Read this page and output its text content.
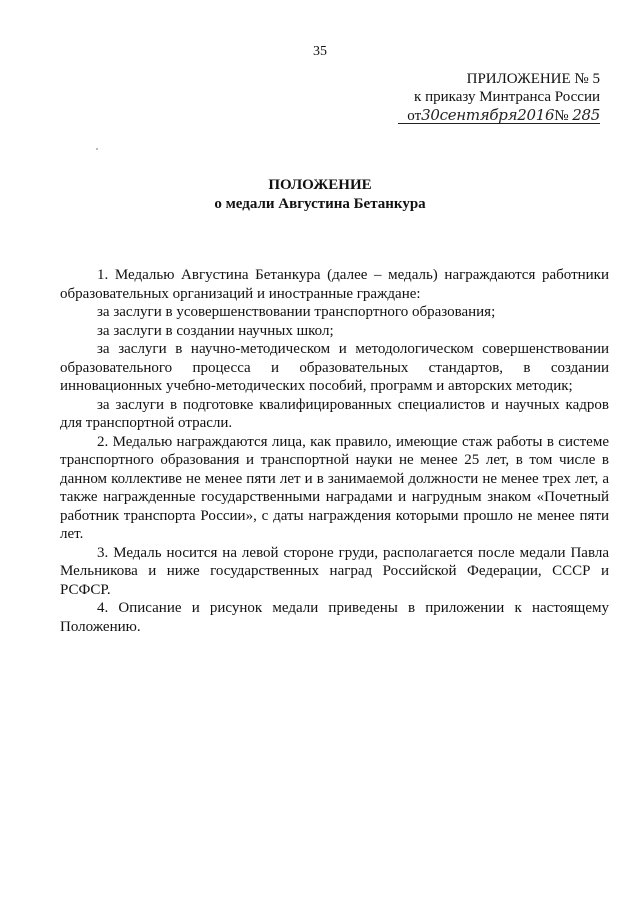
35
ПРИЛОЖЕНИЕ № 5
к приказу Минтранса России
от30сентября2016№ 285
ПОЛОЖЕНИЕ
о медали Августина Бетанкура

1. Медалью Августина Бетанкура (далее – медаль) награждаются работники образовательных организаций и иностранные граждане:

за заслуги в усовершенствовании транспортного образования;

за заслуги в создании научных школ;

за заслуги в научно-методическом и методологическом совершенствовании образовательного процесса и образовательных стандартов, в создании инновационных учебно-методических пособий, программ и авторских методик;

за заслуги в подготовке квалифицированных специалистов и научных кадров для транспортной отрасли.

2. Медалью награждаются лица, как правило, имеющие стаж работы в системе транспортного образования и транспортной науки не менее 25 лет, в том числе в данном коллективе не менее пяти лет и в занимаемой должности не менее трех лет, а также награжденные государственными наградами и нагрудным знаком «Почетный работник транспорта России», с даты награждения которыми прошло не менее пяти лет.

3. Медаль носится на левой стороне груди, располагается после медали Павла Мельникова и ниже государственных наград Российской Федерации, СССР и РСФСР.

4. Описание и рисунок медали приведены в приложении к настоящему Положению.
